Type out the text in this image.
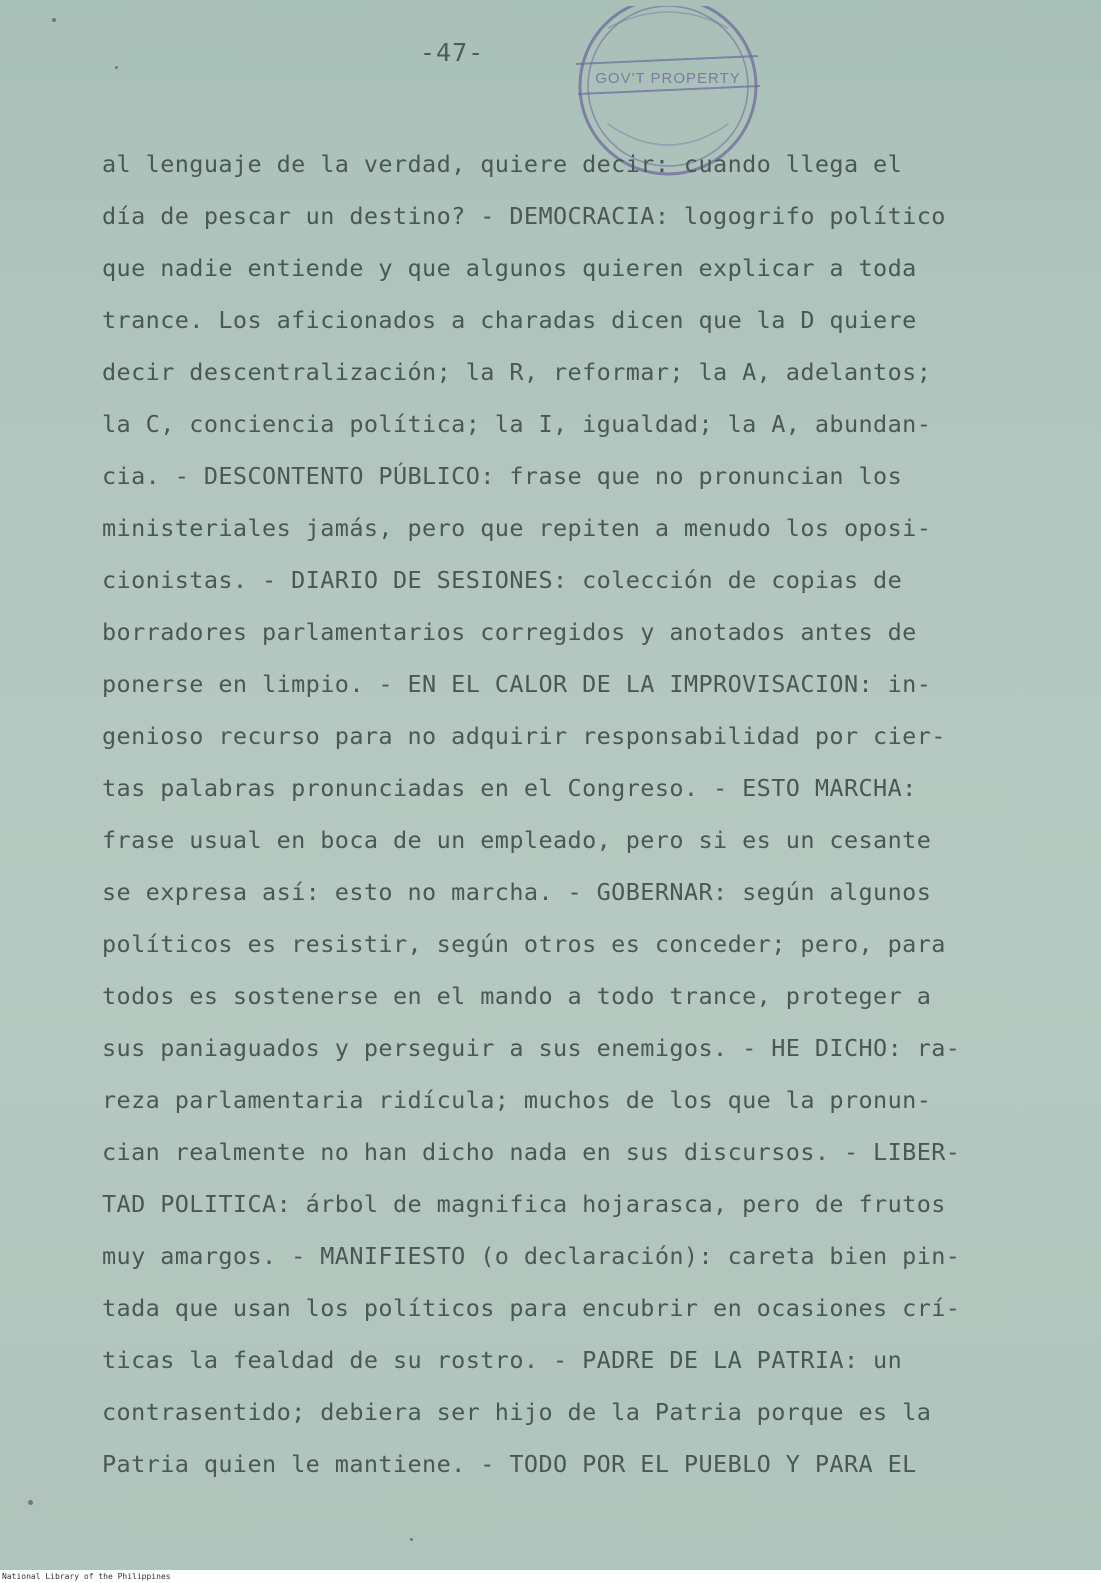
-47-
GOV'T PROPERTY
al lenguaje de la verdad, quiere decir: cuando llega el
día de pescar un destino? - DEMOCRACIA: logogrifo político
que nadie entiende y que algunos quieren explicar a toda
trance. Los aficionados a charadas dicen que la D quiere
decir descentralización; la R, reformar; la A, adelantos;
la C, conciencia política; la I, igualdad; la A, abundan-
cia. - DESCONTENTO PÚBLICO: frase que no pronuncian los
ministeriales jamás, pero que repiten a menudo los oposi-
cionistas. - DIARIO DE SESIONES: colección de copias de
borradores parlamentarios corregidos y anotados antes de
ponerse en limpio. - EN EL CALOR DE LA IMPROVISACION: in-
genioso recurso para no adquirir responsabilidad por cier-
tas palabras pronunciadas en el Congreso. - ESTO MARCHA:
frase usual en boca de un empleado, pero si es un cesante
se expresa así: esto no marcha. - GOBERNAR: según algunos
políticos es resistir, según otros es conceder; pero, para
todos es sostenerse en el mando a todo trance, proteger a
sus paniaguados y perseguir a sus enemigos. - HE DICHO: ra-
reza parlamentaria ridícula; muchos de los que la pronun-
cian realmente no han dicho nada en sus discursos. - LIBER-
TAD POLITICA: árbol de magnifica hojarasca, pero de frutos
muy amargos. - MANIFIESTO (o declaración): careta bien pin-
tada que usan los políticos para encubrir en ocasiones crí-
ticas la fealdad de su rostro. - PADRE DE LA PATRIA: un
contrasentido; debiera ser hijo de la Patria porque es la
Patria quien le mantiene. - TODO POR EL PUEBLO Y PARA EL
National Library of the Philippines
